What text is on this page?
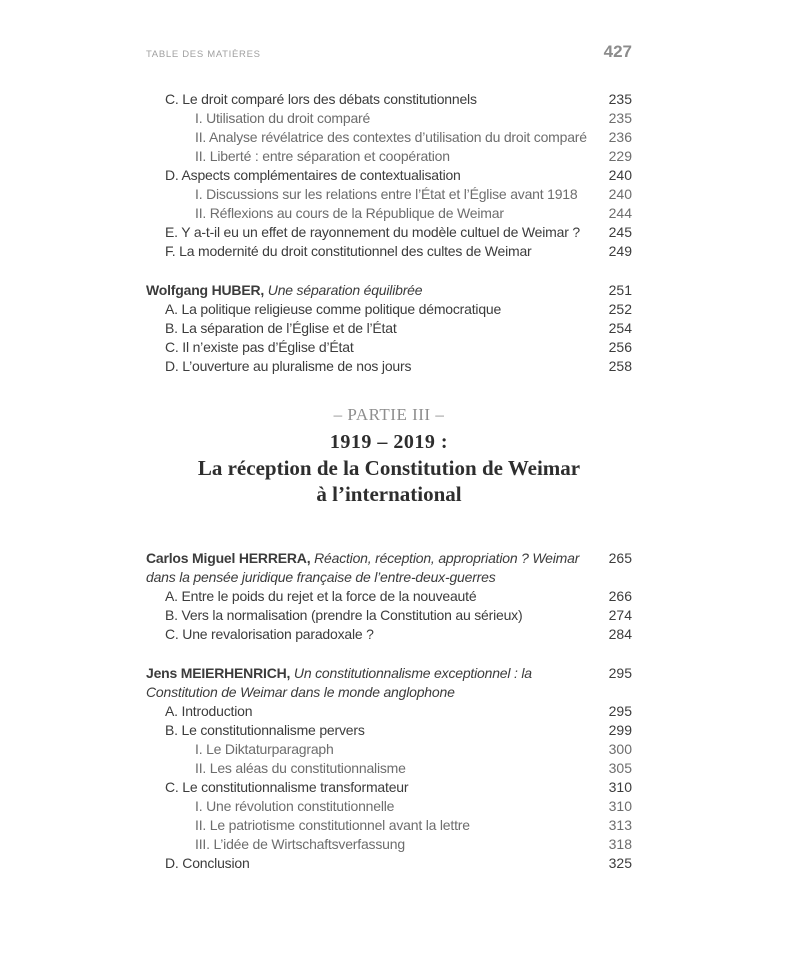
TABLE DES MATIÈRES	427
C. Le droit comparé lors des débats constitutionnels	235
I. Utilisation du droit comparé	235
II. Analyse révélatrice des contextes d’utilisation du droit comparé 236
II. Liberté : entre séparation et coopération	229
D. Aspects complémentaires de contextualisation	240
I. Discussions sur les relations entre l’État et l’Église avant 1918 240
II. Réflexions au cours de la République de Weimar	244
E. Y a-t-il eu un effet de rayonnement du modèle cultuel de Weimar ? 245
F. La modernité du droit constitutionnel des cultes de Weimar	249
Wolfgang HUBER, Une séparation équilibrée	251
A. La politique religieuse comme politique démocratique	252
B. La séparation de l’Église et de l’État	254
C. Il n’existe pas d’Église d’État	256
D. L’ouverture au pluralisme de nos jours	258
– PARTIE III –
1919 – 2019 :
La réception de la Constitution de Weimar
à l’international
Carlos Miguel HERRERA, Réaction, réception, appropriation ? Weimar 265
dans la pensée juridique française de l’entre-deux-guerres
A. Entre le poids du rejet et la force de la nouveauté	266
B. Vers la normalisation (prendre la Constitution au sérieux)	274
C. Une revalorisation paradoxale ?	284
Jens MEIERHENRICH, Un constitutionnalisme exceptionnel : la	295
Constitution de Weimar dans le monde anglophone
A. Introduction	295
B. Le constitutionnalisme pervers	299
I. Le Diktaturparagraph	300
II. Les aléas du constitutionnalisme	305
C. Le constitutionnalisme transformateur	310
I. Une révolution constitutionnelle	310
II. Le patriotisme constitutionnel avant la lettre	313
III. L’idée de Wirtschaftsverfassung	318
D. Conclusion	325
